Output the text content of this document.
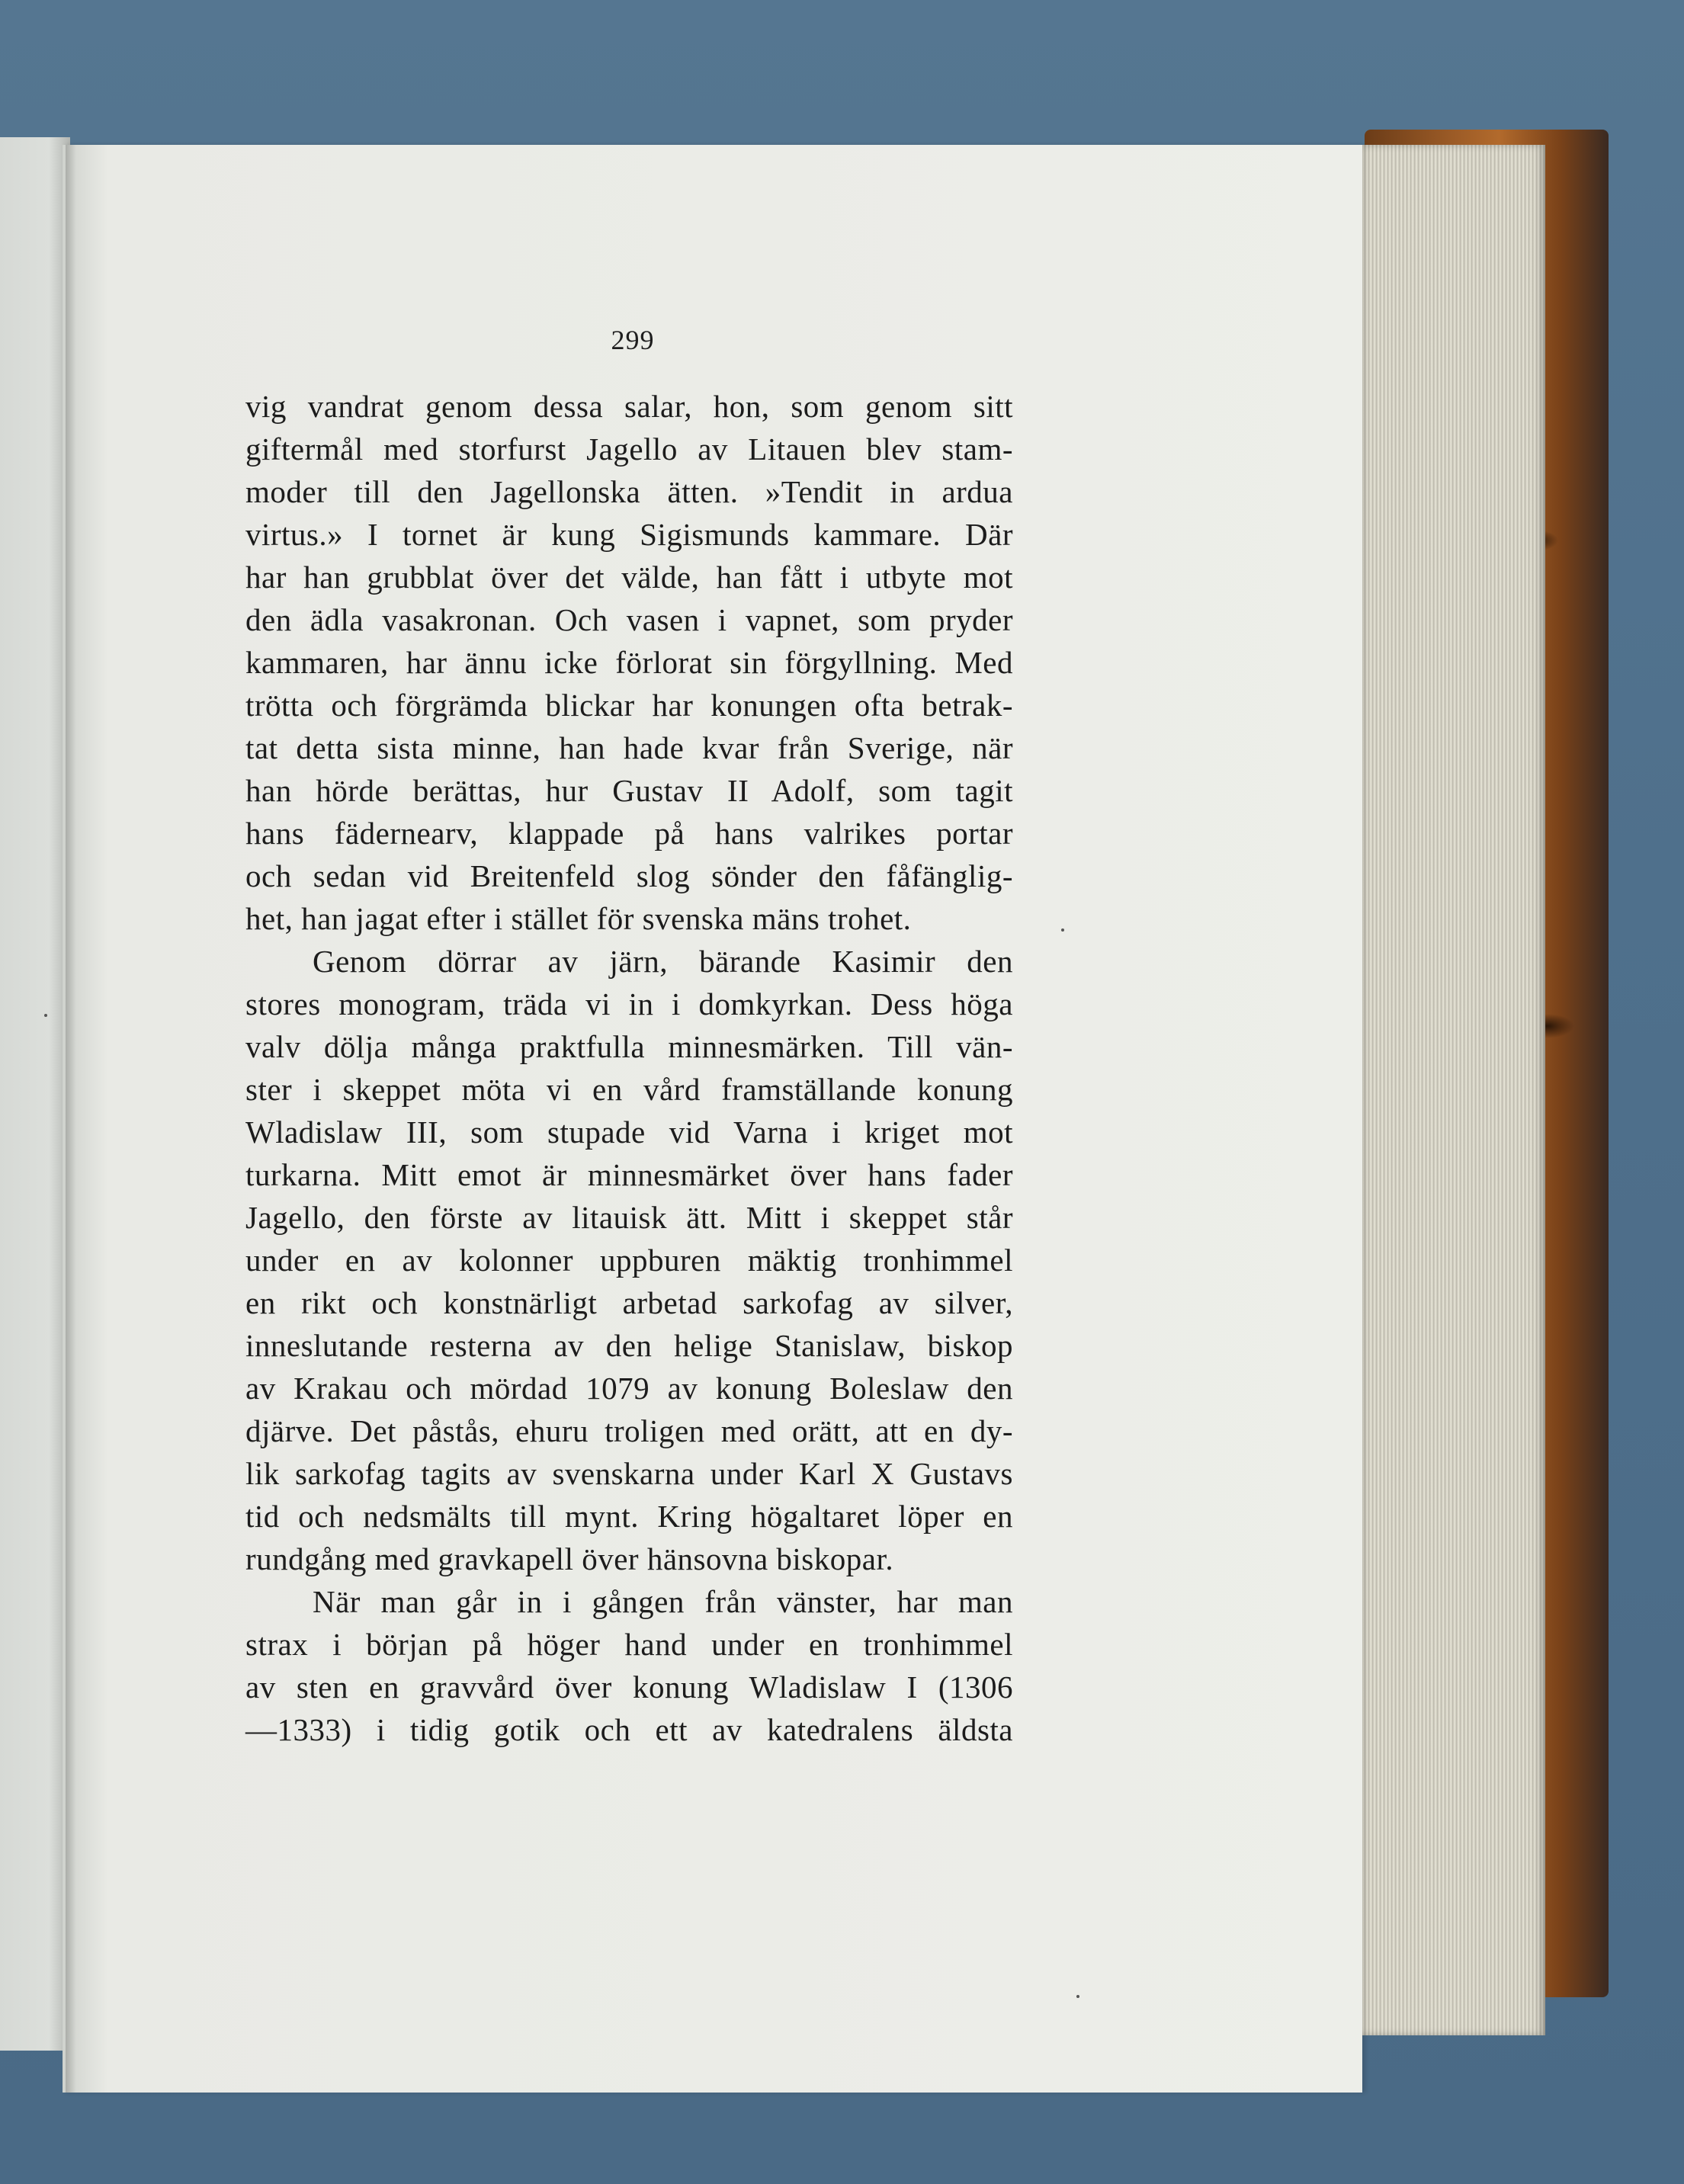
299
vig vandrat genom dessa salar, hon, som genom sitt
giftermål med storfurst Jagello av Litauen blev stam-
moder till den Jagellonska ätten. »Tendit in ardua
virtus.» I tornet är kung Sigismunds kammare. Där
har han grubblat över det välde, han fått i utbyte mot
den ädla vasakronan. Och vasen i vapnet, som pryder
kammaren, har ännu icke förlorat sin förgyllning. Med
trötta och förgrämda blickar har konungen ofta betrak-
tat detta sista minne, han hade kvar från Sverige, när
han hörde berättas, hur Gustav II Adolf, som tagit
hans fädernearv, klappade på hans valrikes portar
och sedan vid Breitenfeld slog sönder den fåfänglig-
het, han jagat efter i stället för svenska mäns trohet.
Genom dörrar av järn, bärande Kasimir den
stores monogram, träda vi in i domkyrkan. Dess höga
valv dölja många praktfulla minnesmärken. Till vän-
ster i skeppet möta vi en vård framställande konung
Wladislaw III, som stupade vid Varna i kriget mot
turkarna. Mitt emot är minnesmärket över hans fader
Jagello, den förste av litauisk ätt. Mitt i skeppet står
under en av kolonner uppburen mäktig tronhimmel
en rikt och konstnärligt arbetad sarkofag av silver,
inneslutande resterna av den helige Stanislaw, biskop
av Krakau och mördad 1079 av konung Boleslaw den
djärve. Det påstås, ehuru troligen med orätt, att en dy-
lik sarkofag tagits av svenskarna under Karl X Gustavs
tid och nedsmälts till mynt. Kring högaltaret löper en
rundgång med gravkapell över hänsovna biskopar.
När man går in i gången från vänster, har man
strax i början på höger hand under en tronhimmel
av sten en gravvård över konung Wladislaw I (1306
—1333) i tidig gotik och ett av katedralens äldsta
